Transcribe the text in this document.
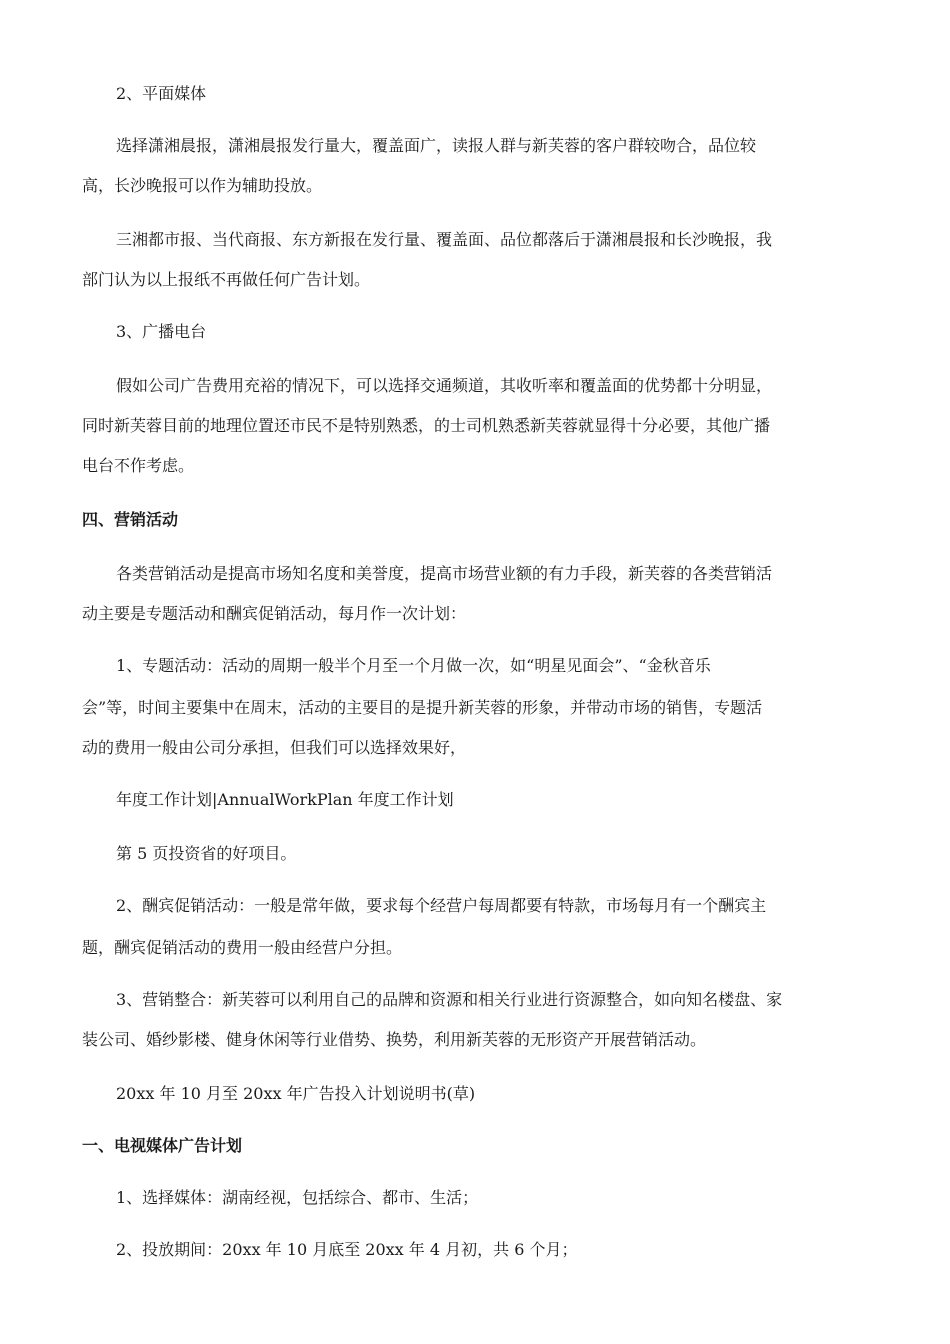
2、平面媒体
选择潇湘晨报，潇湘晨报发行量大，覆盖面广，读报人群与新芙蓉的客户群较吻合，品位较
高，长沙晚报可以作为辅助投放。
三湘都市报、当代商报、东方新报在发行量、覆盖面、品位都落后于潇湘晨报和长沙晚报，我
部门认为以上报纸不再做任何广告计划。
3、广播电台
假如公司广告费用充裕的情况下，可以选择交通频道，其收听率和覆盖面的优势都十分明显，
同时新芙蓉目前的地理位置还市民不是特别熟悉，的士司机熟悉新芙蓉就显得十分必要，其他广播
电台不作考虑。
四、营销活动
各类营销活动是提高市场知名度和美誉度，提高市场营业额的有力手段，新芙蓉的各类营销活
动主要是专题活动和酬宾促销活动，每月作一次计划：
1、专题活动：活动的周期一般半个月至一个月做一次，如“明星见面会”、“金秋音乐
会”等，时间主要集中在周末，活动的主要目的是提升新芙蓉的形象，并带动市场的销售，专题活
动的费用一般由公司分承担，但我们可以选择效果好，
年度工作计划|AnnualWorkPlan 年度工作计划
第 5 页投资省的好项目。
2、酬宾促销活动：一般是常年做，要求每个经营户每周都要有特款，市场每月有一个酬宾主
题，酬宾促销活动的费用一般由经营户分担。
3、营销整合：新芙蓉可以利用自己的品牌和资源和相关行业进行资源整合，如向知名楼盘、家
装公司、婚纱影楼、健身休闲等行业借势、换势，利用新芙蓉的无形资产开展营销活动。
20xx 年 10 月至 20xx 年广告投入计划说明书(草)
一、电视媒体广告计划
1、选择媒体：湖南经视，包括综合、都市、生活；
2、投放期间：20xx 年 10 月底至 20xx 年 4 月初，共 6 个月；
